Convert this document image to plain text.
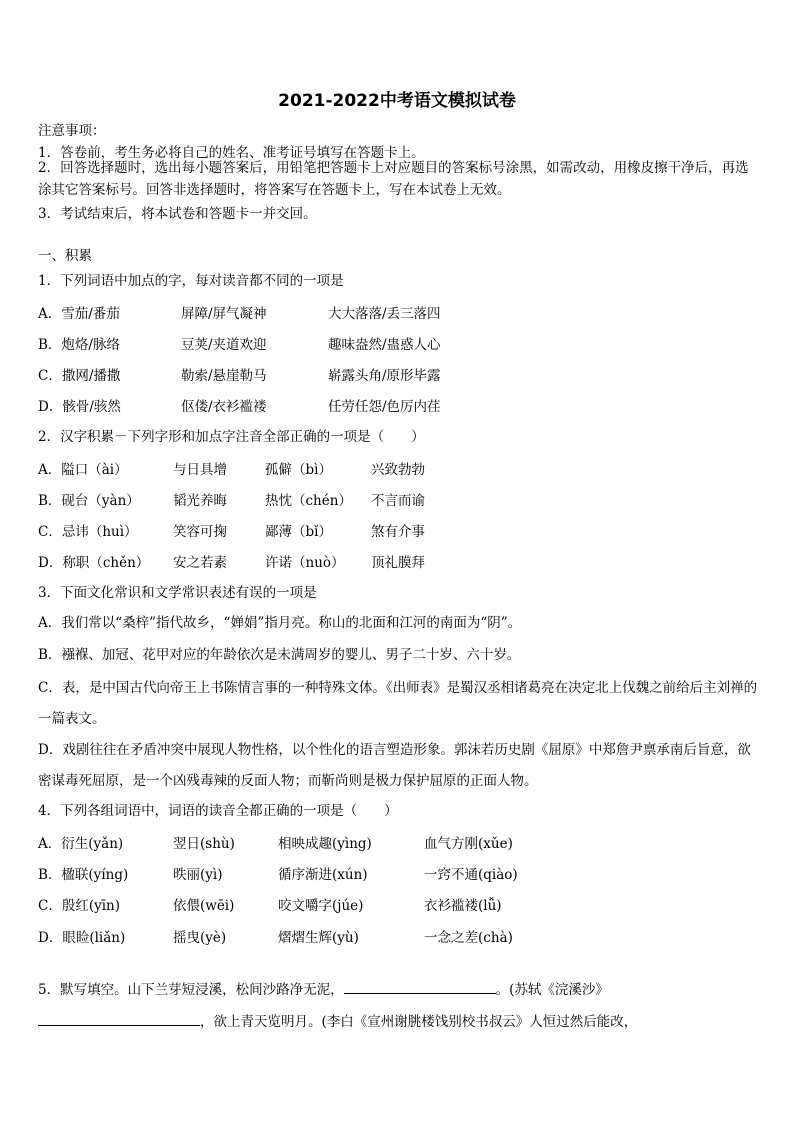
2021-2022中考语文模拟试卷
注意事项：
1．答卷前，考生务必将自己的姓名、准考证号填写在答题卡上。
2．回答选择题时，选出每小题答案后，用铅笔把答题卡上对应题目的答案标号涂黑，如需改动，用橡皮擦干净后，再选涂其它答案标号。回答非选择题时，将答案写在答题卡上，写在本试卷上无效。
3．考试结束后，将本试卷和答题卡一并交回。
一、积累
1．下列词语中加点的字，每对读音都不同的一项是
A．雪茄/番茄	屏障/屏气凝神	大大落落/丢三落四
B．炮烙/脉络	豆荚/夹道欢迎	趣味盎然/蛊惑人心
C．撒网/播撒	勒索/悬崖勒马	崭露头角/原形毕露
D．骸骨/骇然	伛偻/衣衫褴褛	任劳任怨/色厉内荏
2．汉字积累－下列字形和加点字注音全部正确的一项是（　　）
A．隘口（ài）	与日具增	孤僻（bì）	兴致勃勃
B．砚台（yàn） 韬光养晦	热忱（chén） 不言而谕
C．忌讳（huì）	笑容可掬	鄙薄（bǐ）	煞有介事
D．称职（chěn） 安之若素	许诺（nuò） 顶礼膜拜
3．下面文化常识和文学常识表述有误的一项是
A．我们常以“桑梓”指代故乡，“婵娟”指月亮。称山的北面和江河的南面为“阴”。
B．襁褓、加冠、花甲对应的年龄依次是未满周岁的婴儿、男子二十岁、六十岁。
C．表，是中国古代向帝王上书陈情言事的一种特殊文体。《出师表》是蜀汉丞相诸葛亮在决定北上伐魏之前给后主刘禅的一篇表文。
D．戏剧往往在矛盾冲突中展现人物性格，以个性化的语言塑造形象。郭沫若历史剧《屈原》中郑詹尹禀承南后旨意，欲密谋毒死屈原，是一个凶残毒辣的反面人物；而靳尚则是极力保护屈原的正面人物。
4．下列各组词语中，词语的读音全都正确的一项是（　　）
A．衍生(yǎn)	翌日(shù)	相映成趣(yìng)	血气方刚(xǔe)
B．楹联(yíng)	昳丽(yì)	循序渐进(xún)	一窍不通(qiào)
C．殷红(yīn)	依偎(wēi)	咬文嚼字(júe)	衣衫褴褛(lǚ)
D．眼睑(liǎn)	摇曳(yè)	熠熠生辉(yù)	一念之差(chà)
5．默写填空。山下兰芽短浸溪，松间沙路净无泥，	。(苏轼《浣溪沙》
，欲上青天览明月。(李白《宣州谢朓楼饯别校书叔云》人恒过然后能改，
